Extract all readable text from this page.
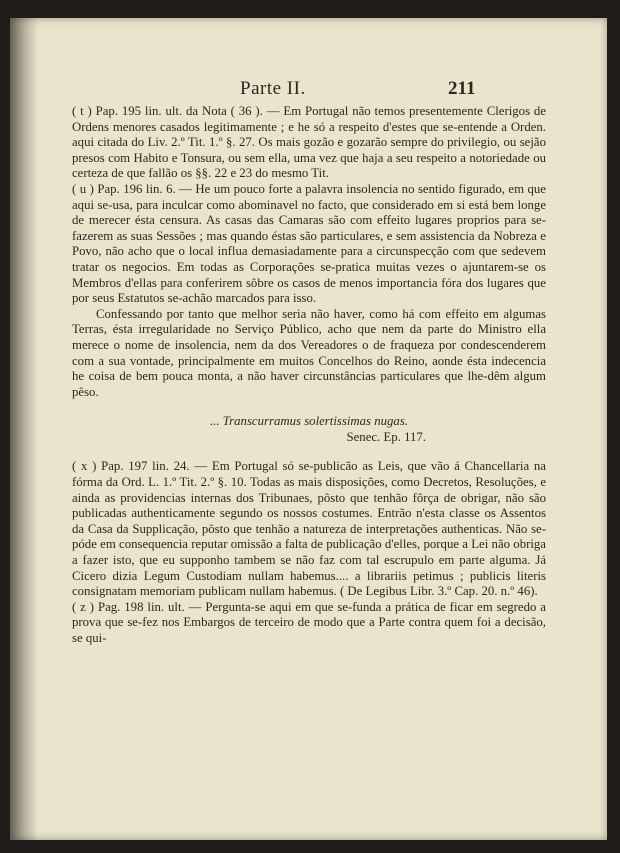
Parte II.	211

( t ) Pap. 195 lin. ult. da Nota ( 36 ). — Em Portugal não temos presentemente Clerigos de Ordens menores casados legitimamente ; e he só a respeito d'estes que se-entende a Orden. aqui citada do Liv. 2.º Tit. 1.º §. 27. Os mais gozão e gozarão sempre do privilegio, ou sejão presos com Habito e Tonsura, ou sem ella, uma vez que haja a seu respeito a notoriedade ou certeza de que fallão os §§. 22 e 23 do mesmo Tit.

( u ) Pap. 196 lin. 6. — He um pouco forte a palavra insolencia no sentido figurado, em que aqui se-usa, para inculcar como abominavel no facto, que considerado em si está bem longe de merecer ésta censura. As casas das Camaras são com effeito lugares proprios para se-fazerem as suas Sessões ; mas quando éstas são particulares, e sem assistencia da Nobreza e Povo, não acho que o local influa demasiadamente para a circunspecção com que sedevem tratar os negocios. Em todas as Corporações se-pratica muitas vezes o ajuntarem-se os Membros d'ellas para conferirem sôbre os casos de menos importancia fóra dos lugares que por seus Estatutos se-achão marcados para isso.

Confessando por tanto que melhor seria não haver, como há com effeito em algumas Terras, ésta irregularidade no Serviço Público, acho que nem da parte do Ministro ella merece o nome de insolencia, nem da dos Vereadores o de fraqueza por condescenderem com a sua vontade, principalmente em muitos Concelhos do Reino, aonde ésta indecencia he coisa de bem pouca monta, a não haver circunstâncias particulares que lhe-dêm algum pêso.

... Transcurramus solertissimas nugas.
Senec. Ep. 117.

( x ) Pap. 197 lin. 24. — Em Portugal só se-publicão as Leis, que vão á Chancellaria na fórma da Ord. L. 1.º Tit. 2.º §. 10. Todas as mais disposições, como Decretos, Resoluções, e ainda as providencias internas dos Tribunaes, pôsto que tenhão fôrça de obrigar, não são publicadas authenticamente segundo os nossos costumes. Entrão n'esta classe os Assentos da Casa da Supplicação, pôsto que tenhão a natureza de interpretações authenticas. Não se-póde em consequencia reputar omissão a falta de publicação d'elles, porque a Lei não obriga a fazer isto, que eu supponho tambem se não faz com tal escrupulo em parte alguma. Já Cicero dizia Legum Custodiam nullam habemus.... a librariis petimus ; publicis literis consignatam memoriam publicam nullam habemus. ( De Legibus Libr. 3.º Cap. 20. n.º 46).

( z ) Pag. 198 lin. ult. — Pergunta-se aqui em que se-funda a prática de ficar em segredo a prova que se-fez nos Embargos de terceiro de modo que a Parte contra quem foi a decisão, se qui-
